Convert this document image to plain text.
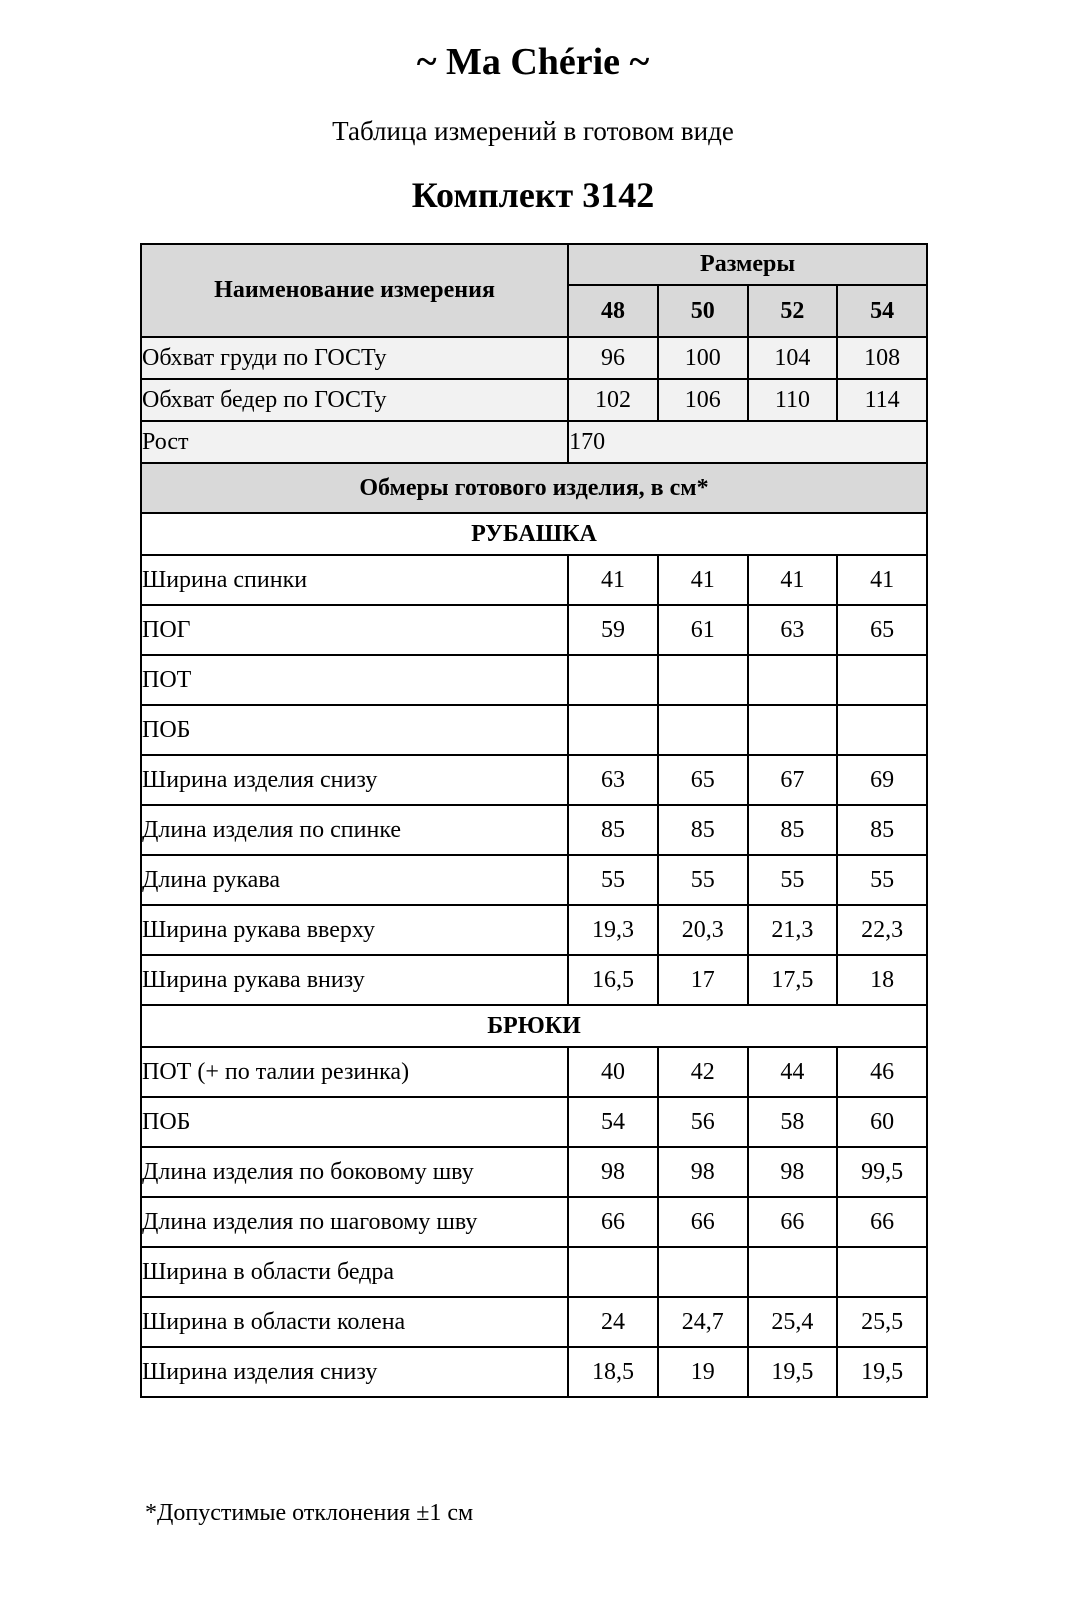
~ Ma Chérie ~
Таблица измерений в готовом виде
Комплект 3142
Наименование измерения	Размеры			
	48	50	52	54
Обхват груди по ГОСТу	96	100	104	108
Обхват бедер по ГОСТу	102	106	110	114
Рост	170			
Обмеры готового изделия, в см*				
РУБАШКА				
Ширина спинки	41	41	41	41
ПОГ	59	61	63	65
ПОТ				
ПОБ				
Ширина изделия снизу	63	65	67	69
Длина изделия по спинке	85	85	85	85
Длина рукава	55	55	55	55
Ширина рукава вверху	19,3	20,3	21,3	22,3
Ширина рукава внизу	16,5	17	17,5	18
БРЮКИ				
ПОТ (+ по талии резинка)	40	42	44	46
ПОБ	54	56	58	60
Длина изделия по боковому шву	98	98	98	99,5
Длина изделия по шаговому шву	66	66	66	66
Ширина в области бедра				
Ширина в области колена	24	24,7	25,4	25,5
Ширина изделия снизу	18,5	19	19,5	19,5
*Допустимые отклонения ±1 см
